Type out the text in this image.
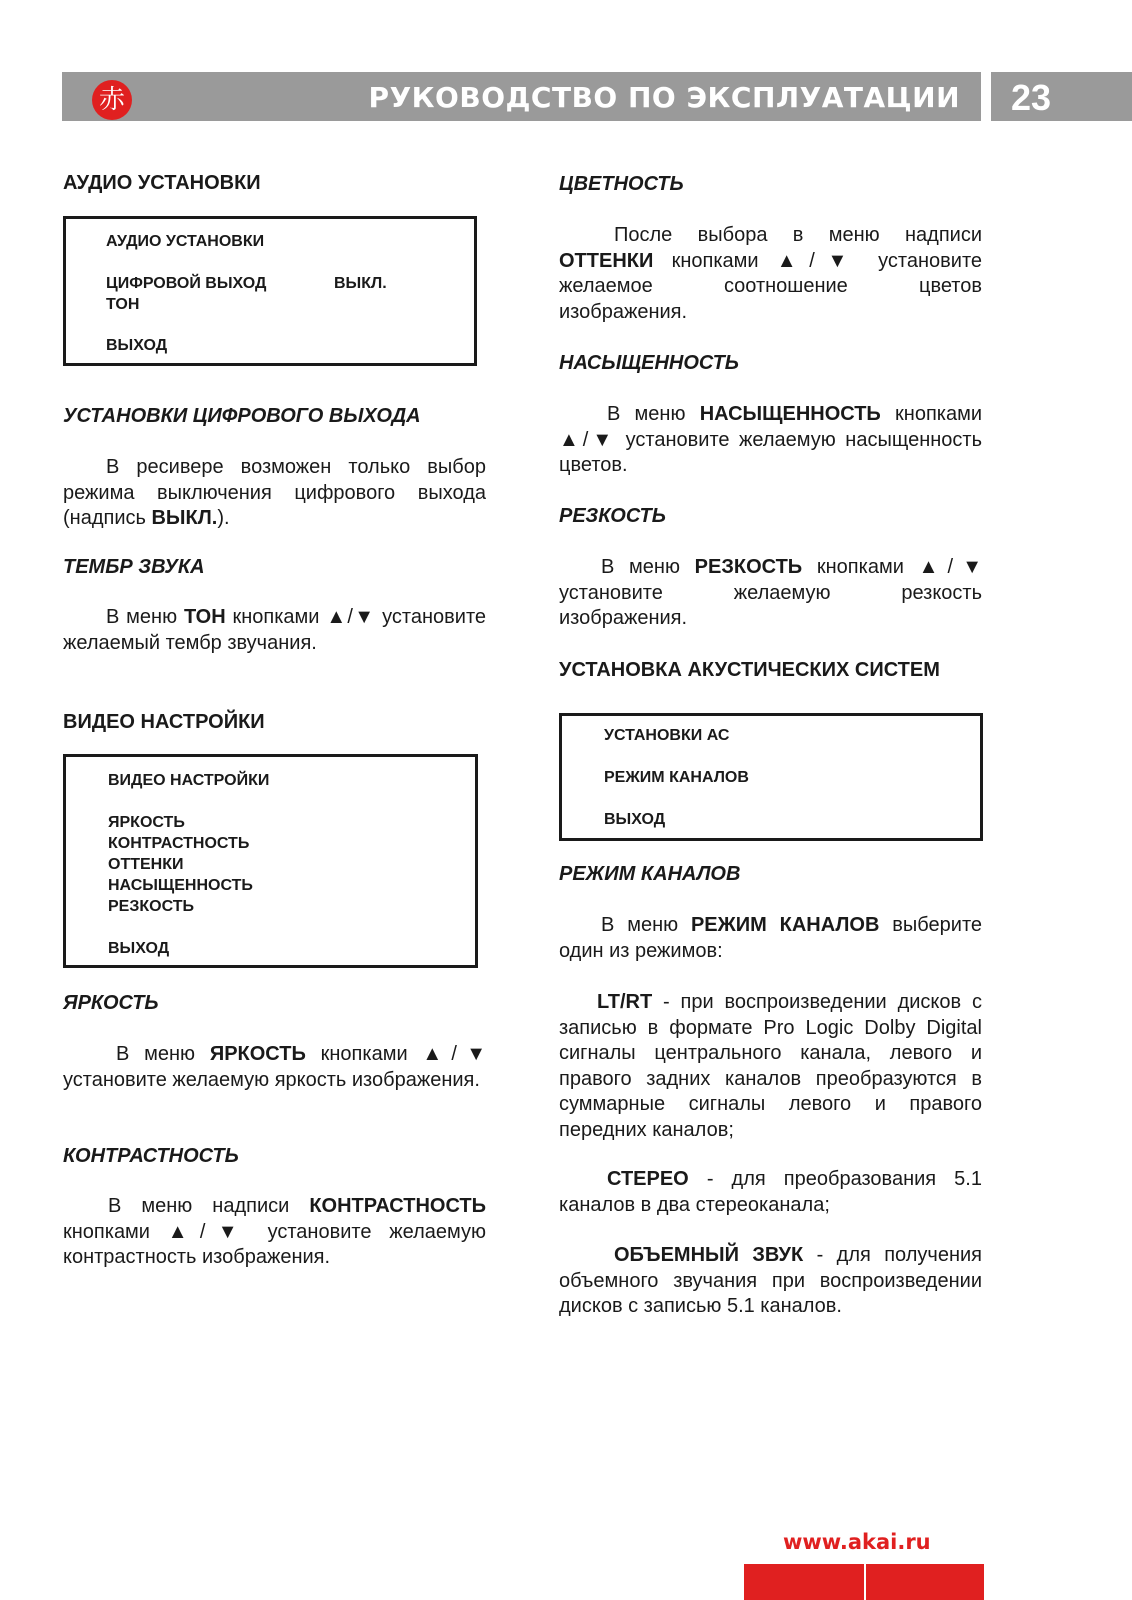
赤	РУКОВОДСТВО ПО ЭКСПЛУАТАЦИИ 23
АУДИО УСТАНОВКИ
АУДИО УСТАНОВКИ
ЦИФРОВОЙ ВЫХОД	ВЫКЛ.
ТОН
ВЫХОД
УСТАНОВКИ ЦИФРОВОГО ВЫХОДА

В ресивере возможен только выбор режима выключения цифрового выхода (надпись ВЫКЛ.).

ТЕМБР ЗВУКА

В меню ТОН кнопками ▲/▼ установите желаемый тембр звучания.

ВИДЕО НАСТРОЙКИ
ВИДЕО НАСТРОЙКИ
ЯРКОСТЬ
КОНТРАСТНОСТЬ
ОТТЕНКИ
НАСЫЩЕННОСТЬ
РЕЗКОСТЬ
ВЫХОД
ЯРКОСТЬ

В меню ЯРКОСТЬ кнопками ▲/▼ установите желаемую яркость изображения.

КОНТРАСТНОСТЬ

В меню надписи КОНТРАСТНОСТЬ кнопками ▲/▼ установите желаемую контрастность изображения.

ЦВЕТНОСТЬ

После выбора в меню надписи ОТТЕНКИ кнопками ▲/▼ установите желаемое соотношение цветов изображения.

НАСЫЩЕННОСТЬ

В меню НАСЫЩЕННОСТЬ кнопками ▲/▼ установите желаемую насыщенность цветов.

РЕЗКОСТЬ

В меню РЕЗКОСТЬ кнопками ▲/▼ установите желаемую резкость изображения.

УСТАНОВКА АКУСТИЧЕСКИХ СИСТЕМ
УСТАНОВКИ АС
РЕЖИМ КАНАЛОВ
ВЫХОД
РЕЖИМ КАНАЛОВ

В меню РЕЖИМ КАНАЛОВ выберите один из режимов:

LT/RT - при воспроизведении дисков с записью в формате Pro Logic Dolby Digital сигналы центрального канала, левого и правого задних каналов преобразуются в суммарные сигналы левого и правого передних каналов;

СТЕРЕО - для преобразования 5.1 каналов в два стереоканала;

ОБЪЕМНЫЙ ЗВУК - для получения объемного звучания при воспроизведении дисков с записью 5.1 каналов.

www.akai.ru
